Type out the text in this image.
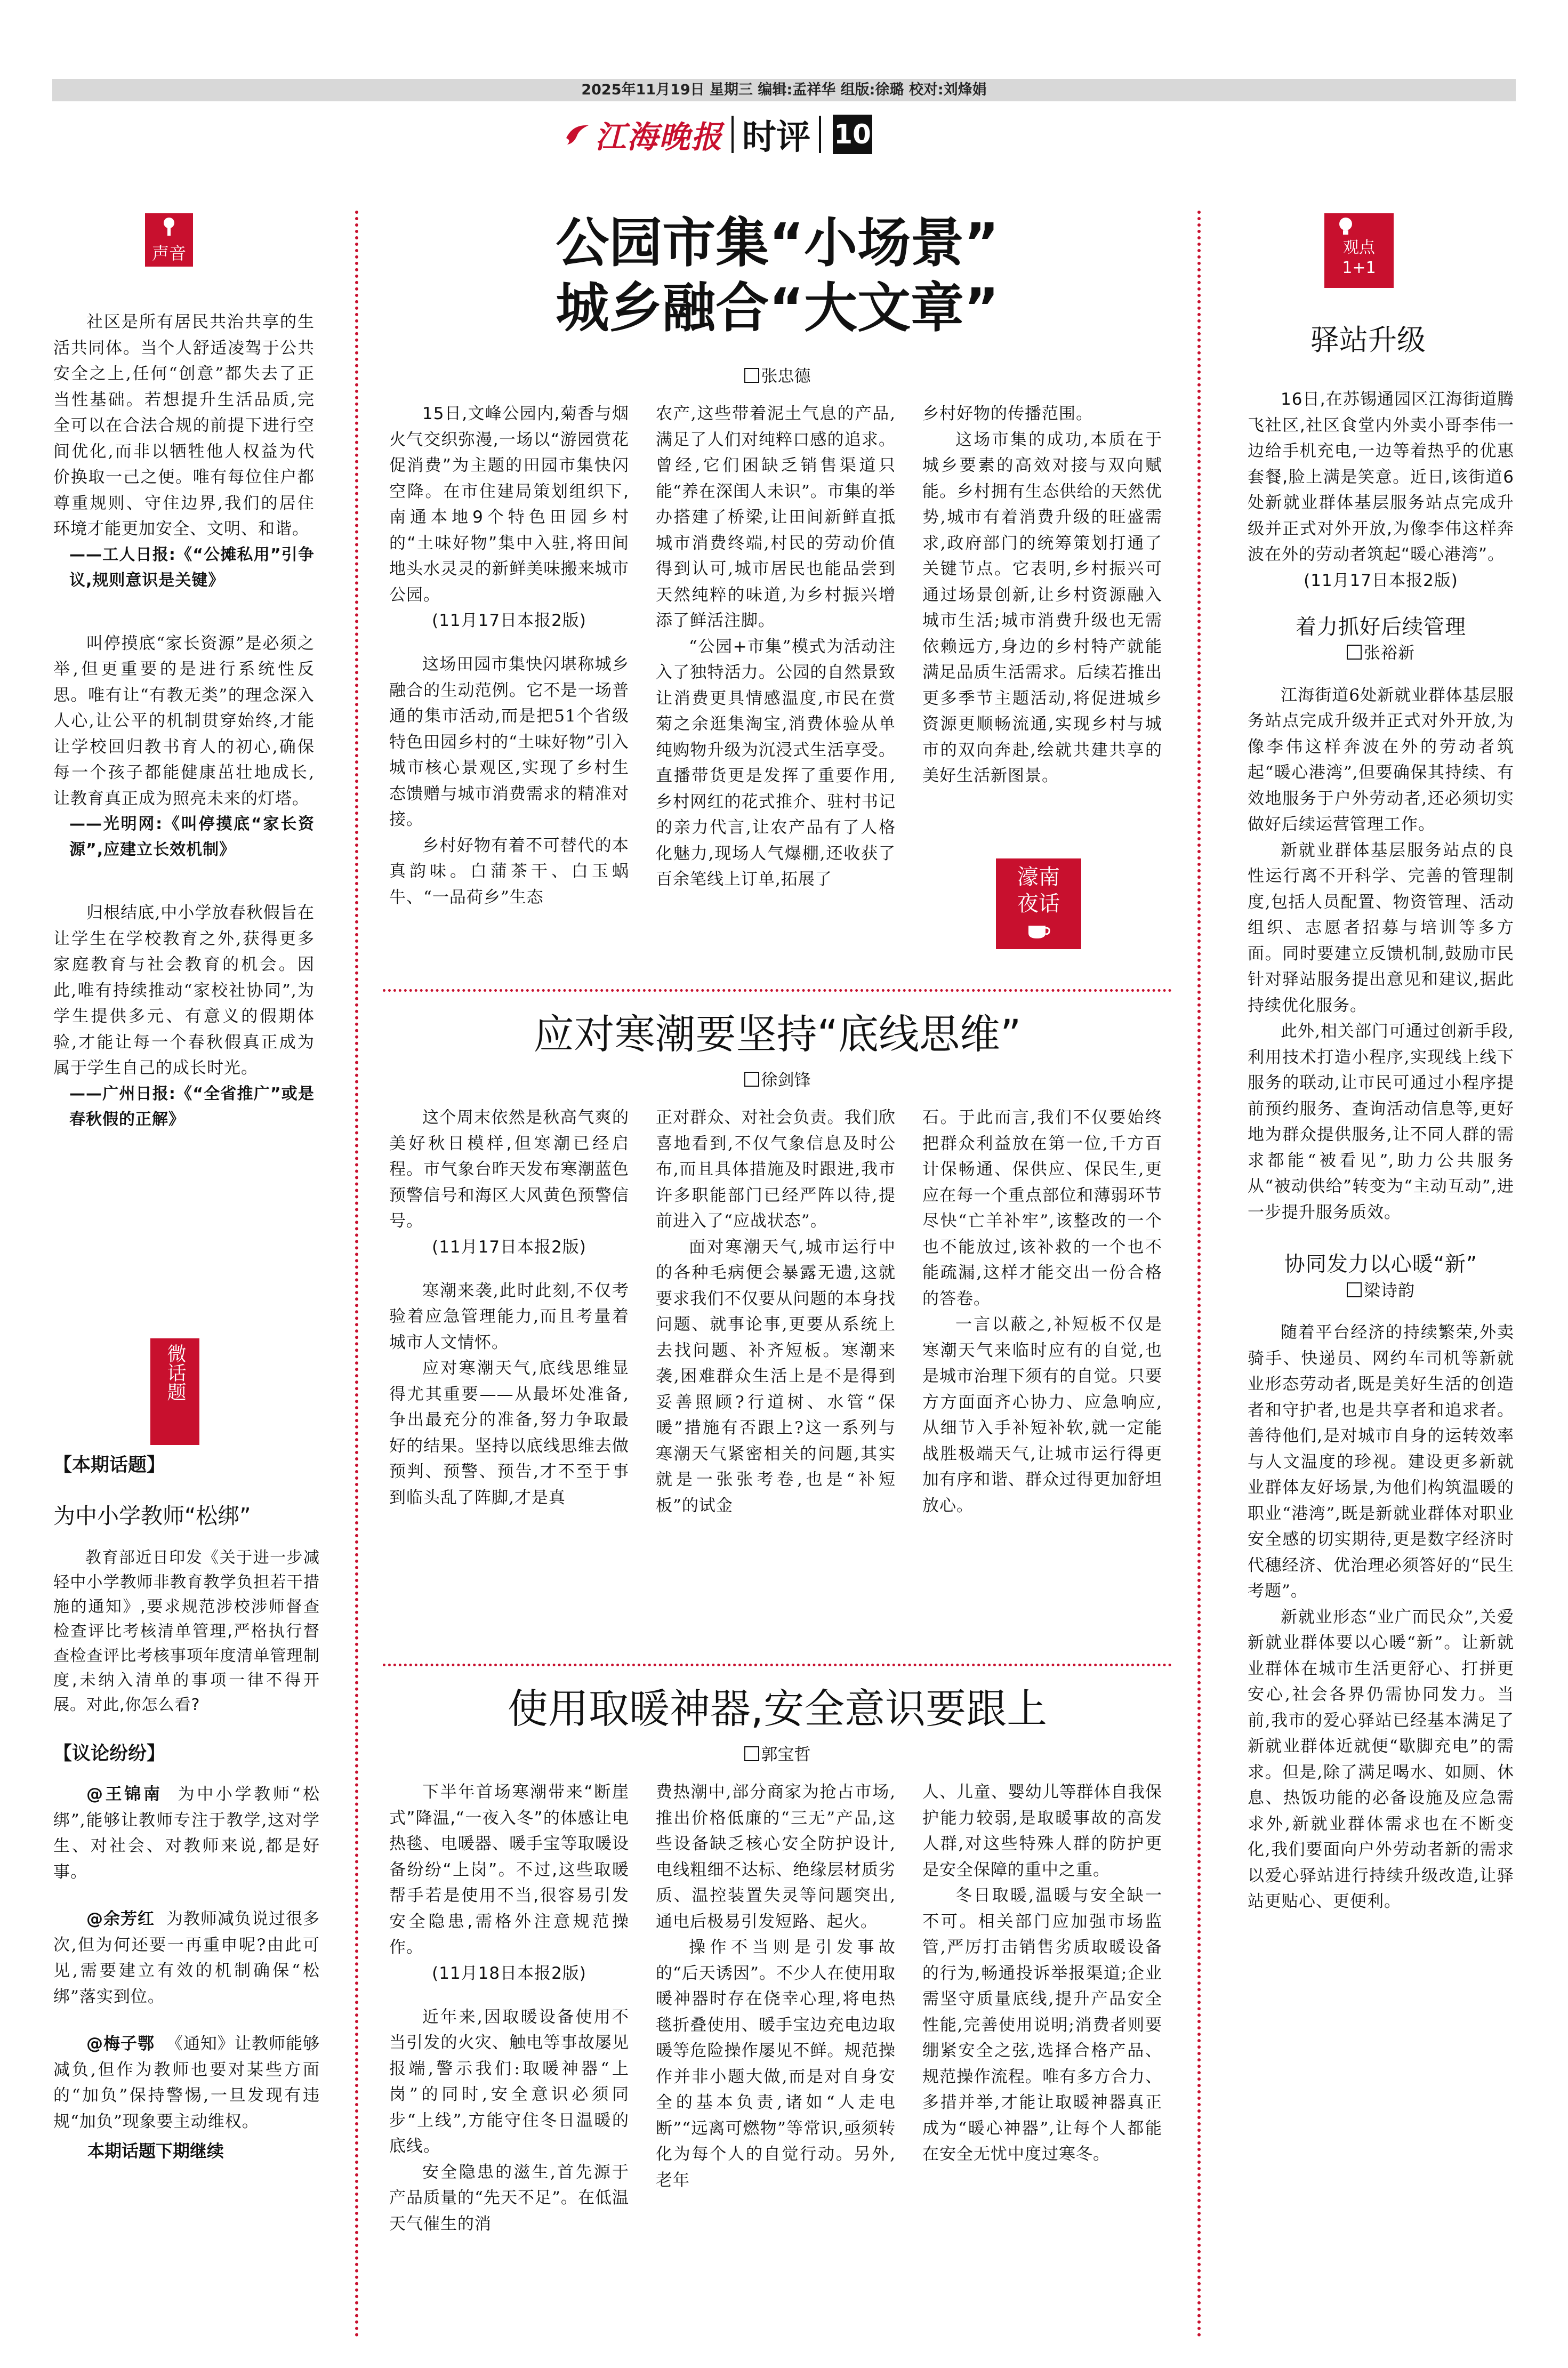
2025年11月19日 星期三 编辑:孟祥华 组版:徐璐 校对:刘烽娟
江海晚报 时评 10
声音

社区是所有居民共治共享的生活共同体。当个人舒适凌驾于公共安全之上,任何“创意”都失去了正当性基础。若想提升生活品质,完全可以在合法合规的前提下进行空间优化,而非以牺牲他人权益为代价换取一己之便。唯有每位住户都尊重规则、守住边界,我们的居住环境才能更加安全、文明、和谐。

——工人日报:《“公摊私用”引争议,规则意识是关键》

叫停摸底“家长资源”是必须之举,但更重要的是进行系统性反思。唯有让“有教无类”的理念深入人心,让公平的机制贯穿始终,才能让学校回归教书育人的初心,确保每一个孩子都能健康茁壮地成长,让教育真正成为照亮未来的灯塔。

——光明网:《叫停摸底“家长资源”,应建立长效机制》

归根结底,中小学放春秋假旨在让学生在学校教育之外,获得更多家庭教育与社会教育的机会。因此,唯有持续推动“家校社协同”,为学生提供多元、有意义的假期体验,才能让每一个春秋假真正成为属于学生自己的成长时光。

——广州日报:《“全省推广”或是春秋假的正解》

微话题
【本期话题】
为中小学教师“松绑”

教育部近日印发《关于进一步减轻中小学教师非教育教学负担若干措施的通知》,要求规范涉校涉师督查检查评比考核清单管理,严格执行督查检查评比考核事项年度清单管理制度,未纳入清单的事项一律不得开展。对此,你怎么看?

【议论纷纷】

@王锦南 为中小学教师“松绑”,能够让教师专注于教学,这对学生、对社会、对教师来说,都是好事。

@余芳红 为教师减负说过很多次,但为何还要一再重申呢?由此可见,需要建立有效的机制确保“松绑”落实到位。

@梅子鄂 《通知》让教师能够减负,但作为教师也要对某些方面的“加负”保持警惕,一旦发现有违规“加负”现象要主动维权。

本期话题下期继续
公园市集“小场景”
城乡融合“大文章”
张忠德

15日,文峰公园内,菊香与烟火气交织弥漫,一场以“游园赏花促消费”为主题的田园市集快闪空降。在市住建局策划组织下,南通本地9个特色田园乡村的“土味好物”集中入驻,将田间地头水灵灵的新鲜美味搬来城市公园。

(11月17日本报2版)

这场田园市集快闪堪称城乡融合的生动范例。它不是一场普通的集市活动,而是把51个省级特色田园乡村的“土味好物”引入城市核心景观区,实现了乡村生态馈赠与城市消费需求的精准对接。

乡村好物有着不可替代的本真韵味。白蒲茶干、白玉蜗牛、“一品荷乡”生态

农产,这些带着泥土气息的产品,满足了人们对纯粹口感的追求。曾经,它们困缺乏销售渠道只能“养在深闺人未识”。市集的举办搭建了桥梁,让田间新鲜直抵城市消费终端,村民的劳动价值得到认可,城市居民也能品尝到天然纯粹的味道,为乡村振兴增添了鲜活注脚。

“公园+市集”模式为活动注入了独特活力。公园的自然景致让消费更具情感温度,市民在赏菊之余逛集淘宝,消费体验从单纯购物升级为沉浸式生活享受。直播带货更是发挥了重要作用,乡村网红的花式推介、驻村书记的亲力代言,让农产品有了人格化魅力,现场人气爆棚,还收获了百余笔线上订单,拓展了

乡村好物的传播范围。

这场市集的成功,本质在于城乡要素的高效对接与双向赋能。乡村拥有生态供给的天然优势,城市有着消费升级的旺盛需求,政府部门的统筹策划打通了关键节点。它表明,乡村振兴可通过场景创新,让乡村资源融入城市生活;城市消费升级也无需依赖远方,身边的乡村特产就能满足品质生活需求。后续若推出更多季节主题活动,将促进城乡资源更顺畅流通,实现乡村与城市的双向奔赴,绘就共建共享的美好生活新图景。

濠南夜话
应对寒潮要坚持“底线思维”
徐剑锋

这个周末依然是秋高气爽的美好秋日模样,但寒潮已经启程。市气象台昨天发布寒潮蓝色预警信号和海区大风黄色预警信号。

(11月17日本报2版)

寒潮来袭,此时此刻,不仅考验着应急管理能力,而且考量着城市人文情怀。

应对寒潮天气,底线思维显得尤其重要——从最坏处准备,争出最充分的准备,努力争取最好的结果。坚持以底线思维去做预判、预警、预告,才不至于事到临头乱了阵脚,才是真

正对群众、对社会负责。我们欣喜地看到,不仅气象信息及时公布,而且具体措施及时跟进,我市许多职能部门已经严阵以待,提前进入了“应战状态”。

面对寒潮天气,城市运行中的各种毛病便会暴露无遗,这就要求我们不仅要从问题的本身找问题、就事论事,更要从系统上去找问题、补齐短板。寒潮来袭,困难群众生活上是不是得到妥善照顾?行道树、水管“保暖”措施有否跟上?这一系列与寒潮天气紧密相关的问题,其实就是一张张考卷,也是“补短板”的试金

石。于此而言,我们不仅要始终把群众利益放在第一位,千方百计保畅通、保供应、保民生,更应在每一个重点部位和薄弱环节尽快“亡羊补牢”,该整改的一个也不能放过,该补救的一个也不能疏漏,这样才能交出一份合格的答卷。

一言以蔽之,补短板不仅是寒潮天气来临时应有的自觉,也是城市治理下须有的自觉。只要方方面面齐心协力、应急响应,从细节入手补短补软,就一定能战胜极端天气,让城市运行得更加有序和谐、群众过得更加舒坦放心。

使用取暖神器,安全意识要跟上
郭宝哲

下半年首场寒潮带来“断崖式”降温,“一夜入冬”的体感让电热毯、电暖器、暖手宝等取暖设备纷纷“上岗”。不过,这些取暖帮手若是使用不当,很容易引发安全隐患,需格外注意规范操作。

(11月18日本报2版)

近年来,因取暖设备使用不当引发的火灾、触电等事故屡见报端,警示我们:取暖神器“上岗”的同时,安全意识必须同步“上线”,方能守住冬日温暖的底线。

安全隐患的滋生,首先源于产品质量的“先天不足”。在低温天气催生的消

费热潮中,部分商家为抢占市场,推出价格低廉的“三无”产品,这些设备缺乏核心安全防护设计,电线粗细不达标、绝缘层材质劣质、温控装置失灵等问题突出,通电后极易引发短路、起火。

操作不当则是引发事故的“后天诱因”。不少人在使用取暖神器时存在侥幸心理,将电热毯折叠使用、暖手宝边充电边取暖等危险操作屡见不鲜。规范操作并非小题大做,而是对自身安全的基本负责,诸如“人走电断”“远离可燃物”等常识,亟须转化为每个人的自觉行动。另外,老年

人、儿童、婴幼儿等群体自我保护能力较弱,是取暖事故的高发人群,对这些特殊人群的防护更是安全保障的重中之重。

冬日取暖,温暖与安全缺一不可。相关部门应加强市场监管,严厉打击销售劣质取暖设备的行为,畅通投诉举报渠道;企业需坚守质量底线,提升产品安全性能,完善使用说明;消费者则要绷紧安全之弦,选择合格产品、规范操作流程。唯有多方合力、多措并举,才能让取暖神器真正成为“暖心神器”,让每个人都能在安全无忧中度过寒冬。

观点
1+1
驿站升级

16日,在苏锡通园区江海街道腾飞社区,社区食堂内外卖小哥李伟一边给手机充电,一边等着热乎的优惠套餐,脸上满是笑意。近日,该街道6处新就业群体基层服务站点完成升级并正式对外开放,为像李伟这样奔波在外的劳动者筑起“暖心港湾”。

(11月17日本报2版)

着力抓好后续管理
张裕新

江海街道6处新就业群体基层服务站点完成升级并正式对外开放,为像李伟这样奔波在外的劳动者筑起“暖心港湾”,但要确保其持续、有效地服务于户外劳动者,还必须切实做好后续运营管理工作。

新就业群体基层服务站点的良性运行离不开科学、完善的管理制度,包括人员配置、物资管理、活动组织、志愿者招募与培训等多方面。同时要建立反馈机制,鼓励市民针对驿站服务提出意见和建议,据此持续优化服务。

此外,相关部门可通过创新手段,利用技术打造小程序,实现线上线下服务的联动,让市民可通过小程序提前预约服务、查询活动信息等,更好地为群众提供服务,让不同人群的需求都能“被看见”,助力公共服务从“被动供给”转变为“主动互动”,进一步提升服务质效。

协同发力以心暖“新”
梁诗韵

随着平台经济的持续繁荣,外卖骑手、快递员、网约车司机等新就业形态劳动者,既是美好生活的创造者和守护者,也是共享者和追求者。善待他们,是对城市自身的运转效率与人文温度的珍视。建设更多新就业群体友好场景,为他们构筑温暖的职业“港湾”,既是新就业群体对职业安全感的切实期待,更是数字经济时代穗经济、优治理必须答好的“民生考题”。

新就业形态“业广而民众”,关爱新就业群体要以心暖“新”。让新就业群体在城市生活更舒心、打拼更安心,社会各界仍需协同发力。当前,我市的爱心驿站已经基本满足了新就业群体近就便“歇脚充电”的需求。但是,除了满足喝水、如厕、休息、热饭功能的必备设施及应急需求外,新就业群体需求也在不断变化,我们要面向户外劳动者新的需求以爱心驿站进行持续升级改造,让驿站更贴心、更便利。
